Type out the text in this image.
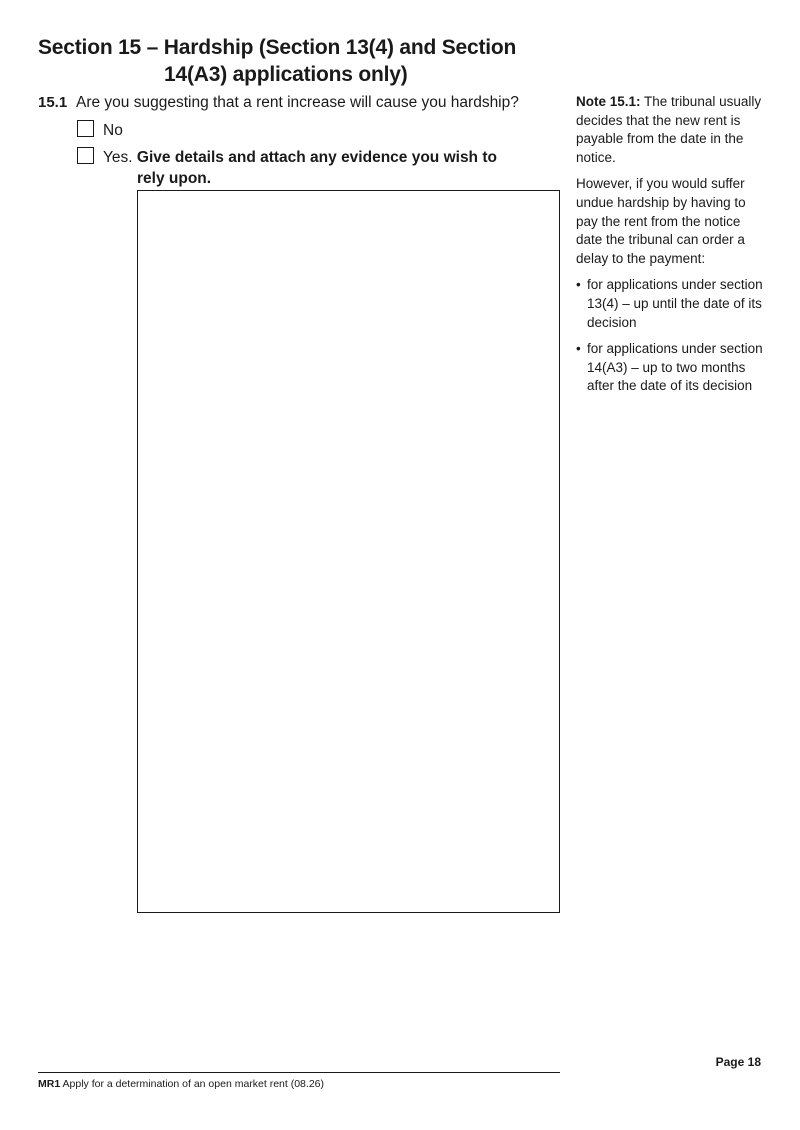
Section 15 – Hardship (Section 13(4) and Section
14(A3) applications only)
15.1 Are you suggesting that a rent increase will cause you hardship?
No
Yes. Give details and attach any evidence you wish to
rely upon.

Note 15.1: The tribunal usually decides that the new rent is payable from the date in the notice.

However, if you would suffer undue hardship by having to pay the rent from the notice date the tribunal can order a delay to the payment:

• for applications under section 13(4) – up until the date of its decision
• for applications under section 14(A3) – up to two months after the date of its decision
Page 18
MR1 Apply for a determination of an open market rent (08.26)
